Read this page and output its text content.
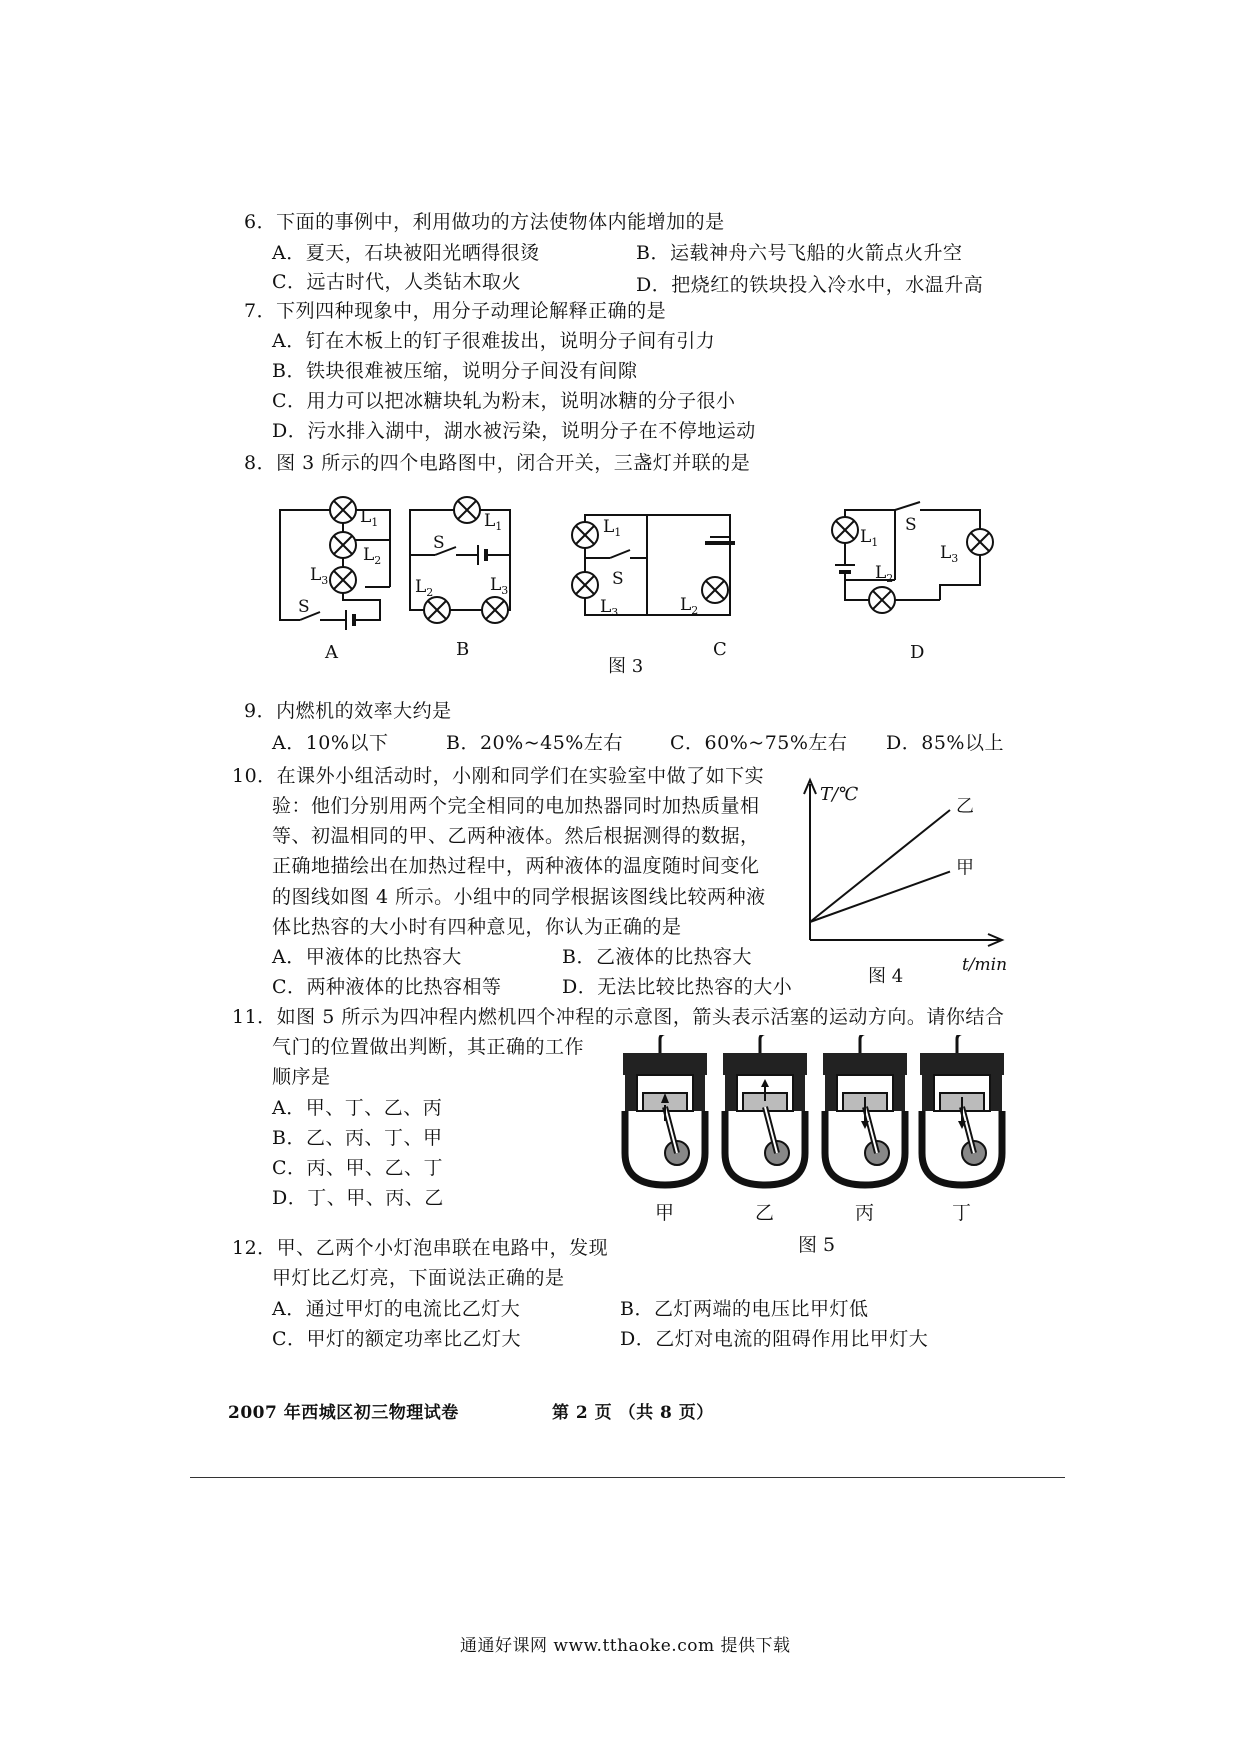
6．下面的事例中，利用做功的方法使物体内能增加的是
A．夏天，石块被阳光晒得很烫	B．运载神舟六号飞船的火箭点火升空
C．远古时代，人类钻木取火	D．把烧红的铁块投入冷水中，水温升高
7．下列四种现象中，用分子动理论解释正确的是
A．钉在木板上的钉子很难拔出，说明分子间有引力
B．铁块很难被压缩，说明分子间没有间隙
C．用力可以把冰糖块轧为粉末，说明冰糖的分子很小
D．污水排入湖中，湖水被污染，说明分子在不停地运动
8．图 3 所示的四个电路图中，闭合开关，三盏灯并联的是
$L_1$
$L_2$
$L_3$
S
A
$L_1$
S
$L_2$	$L_3$
B
$L_1$
S
$L_3$	$L_2$
C
$L_1$
S
$L_2$
$L_3$
D
图 3
9．内燃机的效率大约是
A．10%以下	B．20%~45%左右 C．60%~75%左右 D．85%以上
10．在课外小组活动时，小刚和同学们在实验室中做了如下实
验：他们分别用两个完全相同的电加热器同时加热质量相
等、初温相同的甲、乙两种液体。然后根据测得的数据，
正确地描绘出在加热过程中，两种液体的温度随时间变化
的图线如图 4 所示。小组中的同学根据该图线比较两种液
体比热容的大小时有四种意见，你认为正确的是
A．甲液体的比热容大	B．乙液体的比热容大
C．两种液体的比热容相等	D．无法比较比热容的大小
T/℃
t/min
图 4
乙
甲
11．如图 5 所示为四冲程内燃机四个冲程的示意图，箭头表示活塞的运动方向。请你结合
气门的位置做出判断，其正确的工作
顺序是
A．甲、丁、乙、丙
B．乙、丙、丁、甲
C．丙、甲、乙、丁
D．丁、甲、丙、乙
甲	乙	丙	丁
图 5
12．甲、乙两个小灯泡串联在电路中，发现
甲灯比乙灯亮，下面说法正确的是
A．通过甲灯的电流比乙灯大	B．乙灯两端的电压比甲灯低
C．甲灯的额定功率比乙灯大	D．乙灯对电流的阻碍作用比甲灯大
2007 年西城区初三物理试卷	第 2 页 （共 8 页）
通通好课网 www.tthaoke.com 提供下载
